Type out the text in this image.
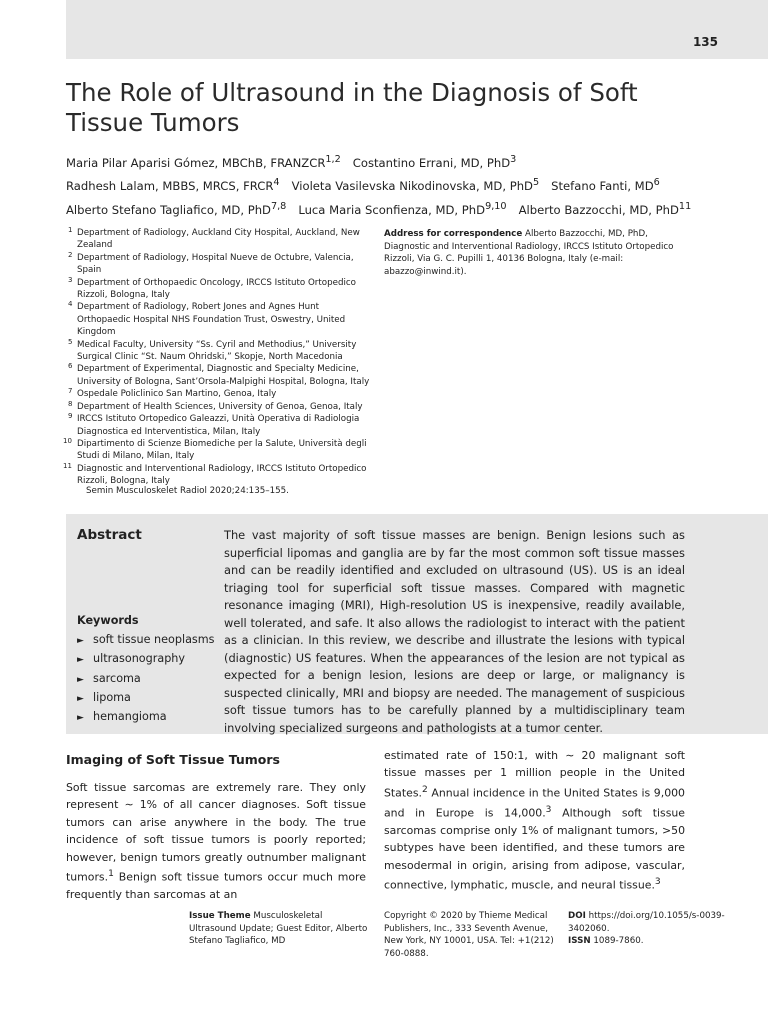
135
The Role of Ultrasound in the Diagnosis of Soft Tissue Tumors
Maria Pilar Aparisi Gómez, MBChB, FRANZCR$^{1,2}$ Costantino Errani, MD, PhD$^3$
Radhesh Lalam, MBBS, MRCS, FRCR$^4$ Violeta Vasilevska Nikodinovska, MD, PhD$^5$ Stefano Fanti, $MD^6$
Alberto Stefano Tagliafico, MD, PhD$^{7,8}$ Luca Maria Sconfienza, MD, PhD$^{9,10}$ Alberto Bazzocchi, MD, PhD$^{11}$
1 Department of Radiology, Auckland City Hospital, Auckland, New Zealand
2 Department of Radiology, Hospital Nueve de Octubre, Valencia, Spain
3 Department of Orthopaedic Oncology, IRCCS Istituto Ortopedico Rizzoli, Bologna, Italy
4 Department of Radiology, Robert Jones and Agnes Hunt Orthopaedic Hospital NHS Foundation Trust, Oswestry, United Kingdom
5 Medical Faculty, University “Ss. Cyril and Methodius,” University Surgical Clinic “St. Naum Ohridski,” Skopje, North Macedonia
6 Department of Experimental, Diagnostic and Specialty Medicine, University of Bologna, Sant’Orsola-Malpighi Hospital, Bologna, Italy
7 Ospedale Policlinico San Martino, Genoa, Italy
8 Department of Health Sciences, University of Genoa, Genoa, Italy
9 IRCCS Istituto Ortopedico Galeazzi, Unità Operativa di Radiologia Diagnostica ed Interventistica, Milan, Italy
10 Dipartimento di Scienze Biomediche per la Salute, Università degli Studi di Milano, Milan, Italy
11 Diagnostic and Interventional Radiology, IRCCS Istituto Ortopedico Rizzoli, Bologna, Italy
Address for correspondence Alberto Bazzocchi, MD, PhD, Diagnostic and Interventional Radiology, IRCCS Istituto Ortopedico Rizzoli, Via G. C. Pupilli 1, 40136 Bologna, Italy (e-mail: abazzo@inwind.it).
Semin Musculoskelet Radiol 2020;24:135–155.
Abstract	The vast majority of soft tissue masses are benign. Benign lesions such as superficial lipomas and ganglia are by far the most common soft tissue masses and can be readily identified and excluded on ultrasound (US). US is an ideal triaging tool for superficial soft tissue masses. Compared with magnetic resonance imaging (MRI), High-resolution US is inexpensive, readily available, well tolerated, and safe. It also allows the radiologist to interact with the patient as a clinician. In this review, we describe and illustrate the lesions with typical (diagnostic) US features. When the appearances of the lesion are not typical as expected for a benign lesion, lesions are deep or large, or malignancy is suspected clinically, MRI and biopsy are needed. The management of suspicious soft tissue tumors has to be carefully planned by a multidisciplinary team involving specialized surgeons and pathologists at a tumor center.
Keywords
► soft tissue neoplasms
► ultrasonography
► sarcoma
► lipoma
► hemangioma
Imaging of Soft Tissue Tumors
Soft tissue sarcomas are extremely rare. They only represent ∼ 1% of all cancer diagnoses. Soft tissue tumors can arise anywhere in the body. The true incidence of soft tissue tumors is poorly reported; however, benign tumors greatly outnumber malignant tumors.$^1$ Benign soft tissue tumors occur much more frequently than sarcomas at an
estimated rate of 150:1, with ∼ 20 malignant soft tissue masses per 1 million people in the United States.$^2$ Annual incidence in the United States is 9,000 and in Europe is 14,000.$^3$ Although soft tissue sarcomas comprise only 1% of malignant tumors, >50 subtypes have been identified, and these tumors are mesodermal in origin, arising from adipose, vascular, connective, lymphatic, muscle, and neural tissue.$^3$
Issue Theme Musculoskeletal Ultrasound Update; Guest Editor, Alberto Stefano Tagliafico, MD
Copyright © 2020 by Thieme Medical Publishers, Inc., 333 Seventh Avenue, New York, NY 10001, USA. Tel: +1(212) 760-0888.
DOI https://doi.org/10.1055/s-0039-3402060.
ISSN 1089-7860.
